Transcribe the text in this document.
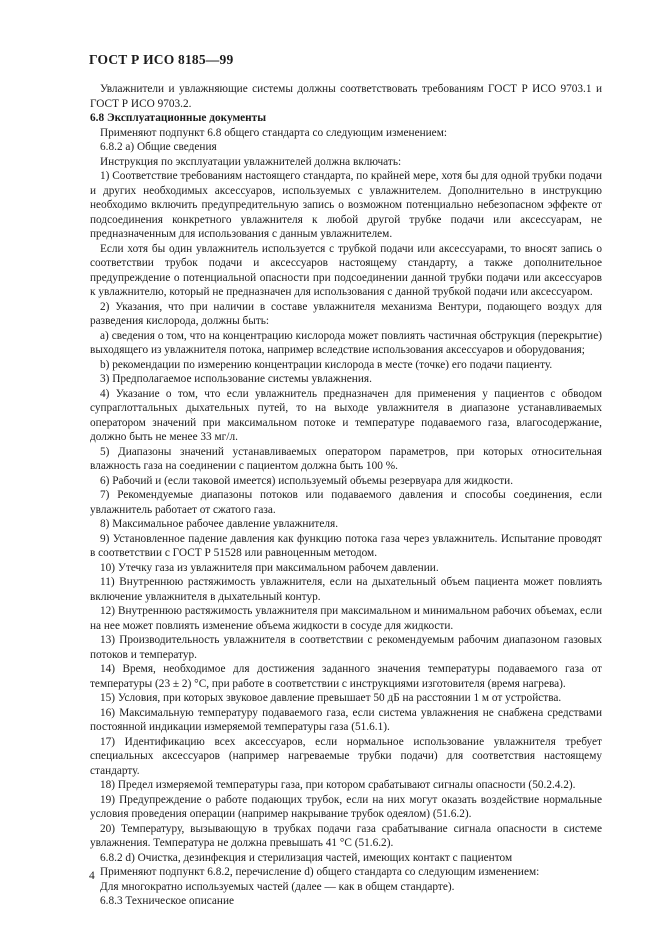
ГОСТ Р ИСО 8185—99

Увлажнители и увлажняющие системы должны соответствовать требованиям ГОСТ Р ИСО 9703.1 и ГОСТ Р ИСО 9703.2.

6.8 Эксплуатационные документы

Применяют подпункт 6.8 общего стандарта со следующим изменением:

6.8.2 а) Общие сведения

Инструкция по эксплуатации увлажнителей должна включать:

1) Соответствие требованиям настоящего стандарта, по крайней мере, хотя бы для одной трубки подачи и других необходимых аксессуаров, используемых с увлажнителем. Дополнительно в инструкцию необходимо включить предупредительную запись о возможном потенциально небезопасном эффекте от подсоединения конкретного увлажнителя к любой другой трубке подачи или аксессуарам, не предназначенным для использования с данным увлажнителем.

Если хотя бы один увлажнитель используется с трубкой подачи или аксессуарами, то вносят запись о соответствии трубок подачи и аксессуаров настоящему стандарту, а также дополнительное предупреждение о потенциальной опасности при подсоединении данной трубки подачи или аксессуаров к увлажнителю, который не предназначен для использования с данной трубкой подачи или аксессуаром.

2) Указания, что при наличии в составе увлажнителя механизма Вентури, подающего воздух для разведения кислорода, должны быть:

а) сведения о том, что на концентрацию кислорода может повлиять частичная обструкция (перекрытие) выходящего из увлажнителя потока, например вследствие использования аксессуаров и оборудования;

b) рекомендации по измерению концентрации кислорода в месте (точке) его подачи пациенту.

3) Предполагаемое использование системы увлажнения.

4) Указание о том, что если увлажнитель предназначен для применения у пациентов с обводом супраглоттальных дыхательных путей, то на выходе увлажнителя в диапазоне устанавливаемых оператором значений при максимальном потоке и температуре подаваемого газа, влагосодержание, должно быть не менее 33 мг/л.

5) Диапазоны значений устанавливаемых оператором параметров, при которых относительная влажность газа на соединении с пациентом должна быть 100 %.

6) Рабочий и (если таковой имеется) используемый объемы резервуара для жидкости.

7) Рекомендуемые диапазоны потоков или подаваемого давления и способы соединения, если увлажнитель работает от сжатого газа.

8) Максимальное рабочее давление увлажнителя.

9) Установленное падение давления как функцию потока газа через увлажнитель. Испытание проводят в соответствии с ГОСТ Р 51528 или равноценным методом.

10) Утечку газа из увлажнителя при максимальном рабочем давлении.

11) Внутреннюю растяжимость увлажнителя, если на дыхательный объем пациента может повлиять включение увлажнителя в дыхательный контур.

12) Внутреннюю растяжимость увлажнителя при максимальном и минимальном рабочих объемах, если на нее может повлиять изменение объема жидкости в сосуде для жидкости.

13) Производительность увлажнителя в соответствии с рекомендуемым рабочим диапазоном газовых потоков и температур.

14) Время, необходимое для достижения заданного значения температуры подаваемого газа от температуры (23 ± 2) °С, при работе в соответствии с инструкциями изготовителя (время нагрева).

15) Условия, при которых звуковое давление превышает 50 дБ на расстоянии 1 м от устройства.

16) Максимальную температуру подаваемого газа, если система увлажнения не снабжена средствами постоянной индикации измеряемой температуры газа (51.6.1).

17) Идентификацию всех аксессуаров, если нормальное использование увлажнителя требует специальных аксессуаров (например нагреваемые трубки подачи) для соответствия настоящему стандарту.

18) Предел измеряемой температуры газа, при котором срабатывают сигналы опасности (50.2.4.2).

19) Предупреждение о работе подающих трубок, если на них могут оказать воздействие нормальные условия проведения операции (например накрывание трубок одеялом) (51.6.2).

20) Температуру, вызывающую в трубках подачи газа срабатывание сигнала опасности в системе увлажнения. Температура не должна превышать 41 °С (51.6.2).

6.8.2 d) Очистка, дезинфекция и стерилизация частей, имеющих контакт с пациентом

Применяют подпункт 6.8.2, перечисление d) общего стандарта со следующим изменением:

Для многократно используемых частей (далее — как в общем стандарте).

6.8.3 Техническое описание

4
